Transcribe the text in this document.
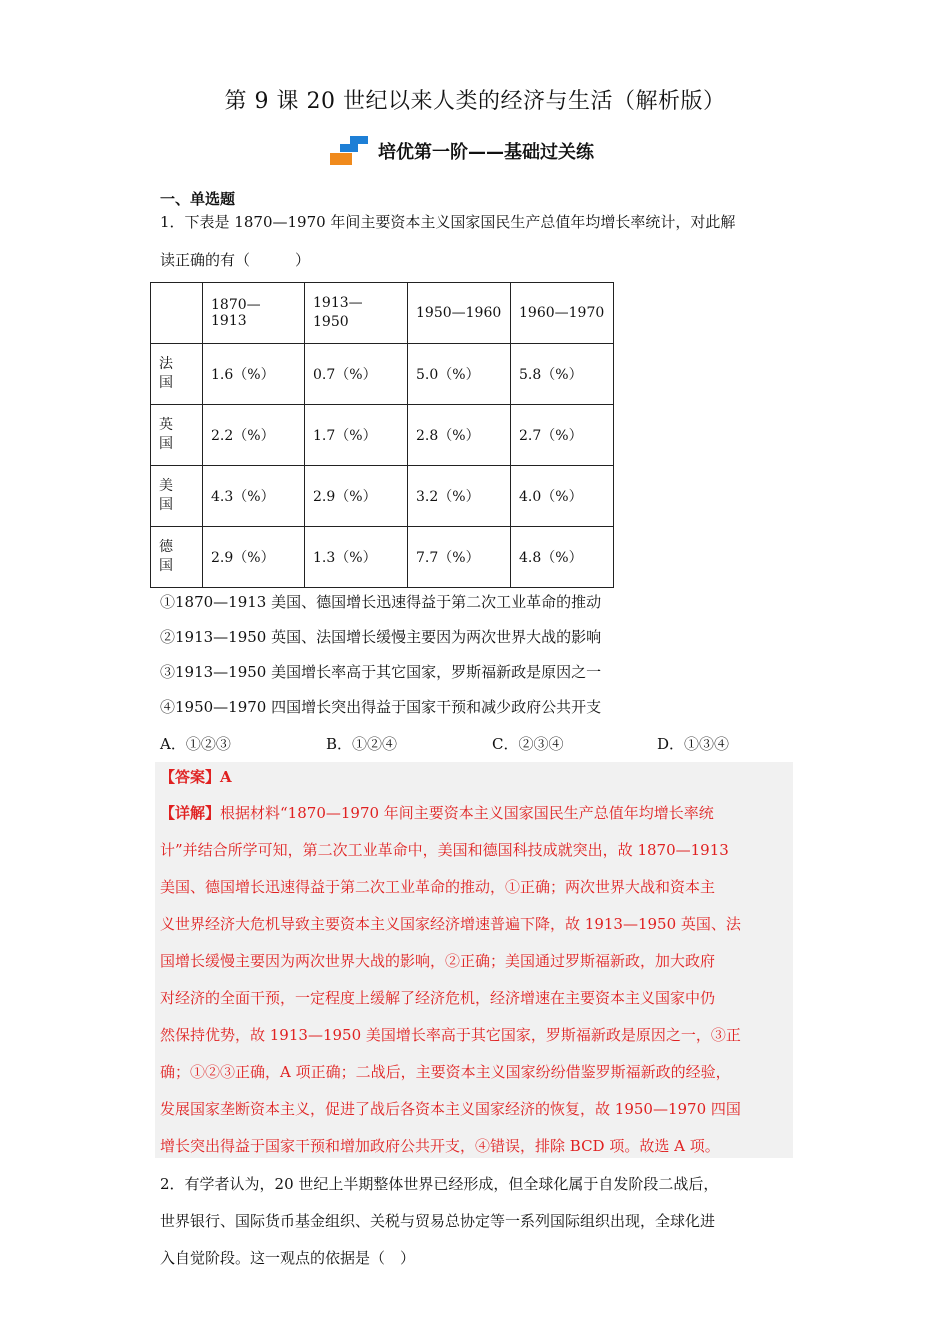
第 9 课 20 世纪以来人类的经济与生活（解析版）
培优第一阶——基础过关练
一、单选题
1．下表是 1870—1970 年间主要资本主义国家国民生产总值年均增长率统计，对此解
读正确的有（　　　）
	1870—1913	1913—
1950	1950—1960	1960—1970

法
国	1.6（%）	0.7（%）	5.0（%）	5.8（%）

英
国	2.2（%）	1.7（%）	2.8（%）	2.7（%）

美
国	4.3（%）	2.9（%）	3.2（%）	4.0（%）

德
国	2.9（%）	1.3（%）	7.7（%）	4.8（%）
①1870—1913 美国、德国增长迅速得益于第二次工业革命的推动
②1913—1950 英国、法国增长缓慢主要因为两次世界大战的影响
③1913—1950 美国增长率高于其它国家，罗斯福新政是原因之一
④1950—1970 四国增长突出得益于国家干预和减少政府公共开支
A．①②③	B．①②④	C．②③④	D．①③④
【答案】A
【详解】根据材料“1870—1970 年间主要资本主义国家国民生产总值年均增长率统
计”并结合所学可知，第二次工业革命中，美国和德国科技成就突出，故 1870—1913
美国、德国增长迅速得益于第二次工业革命的推动，①正确；两次世界大战和资本主
义世界经济大危机导致主要资本主义国家经济增速普遍下降，故 1913—1950 英国、法
国增长缓慢主要因为两次世界大战的影响，②正确；美国通过罗斯福新政，加大政府
对经济的全面干预，一定程度上缓解了经济危机，经济增速在主要资本主义国家中仍
然保持优势，故 1913—1950 美国增长率高于其它国家，罗斯福新政是原因之一，③正
确；①②③正确，A 项正确；二战后，主要资本主义国家纷纷借鉴罗斯福新政的经验，
发展国家垄断资本主义，促进了战后各资本主义国家经济的恢复，故 1950—1970 四国
增长突出得益于国家干预和增加政府公共开支，④错误，排除 BCD 项。故选 A 项。
2．有学者认为，20 世纪上半期整体世界已经形成，但全球化属于自发阶段二战后，
世界银行、国际货币基金组织、关税与贸易总协定等一系列国际组织出现，全球化进
入自觉阶段。这一观点的依据是（　）
